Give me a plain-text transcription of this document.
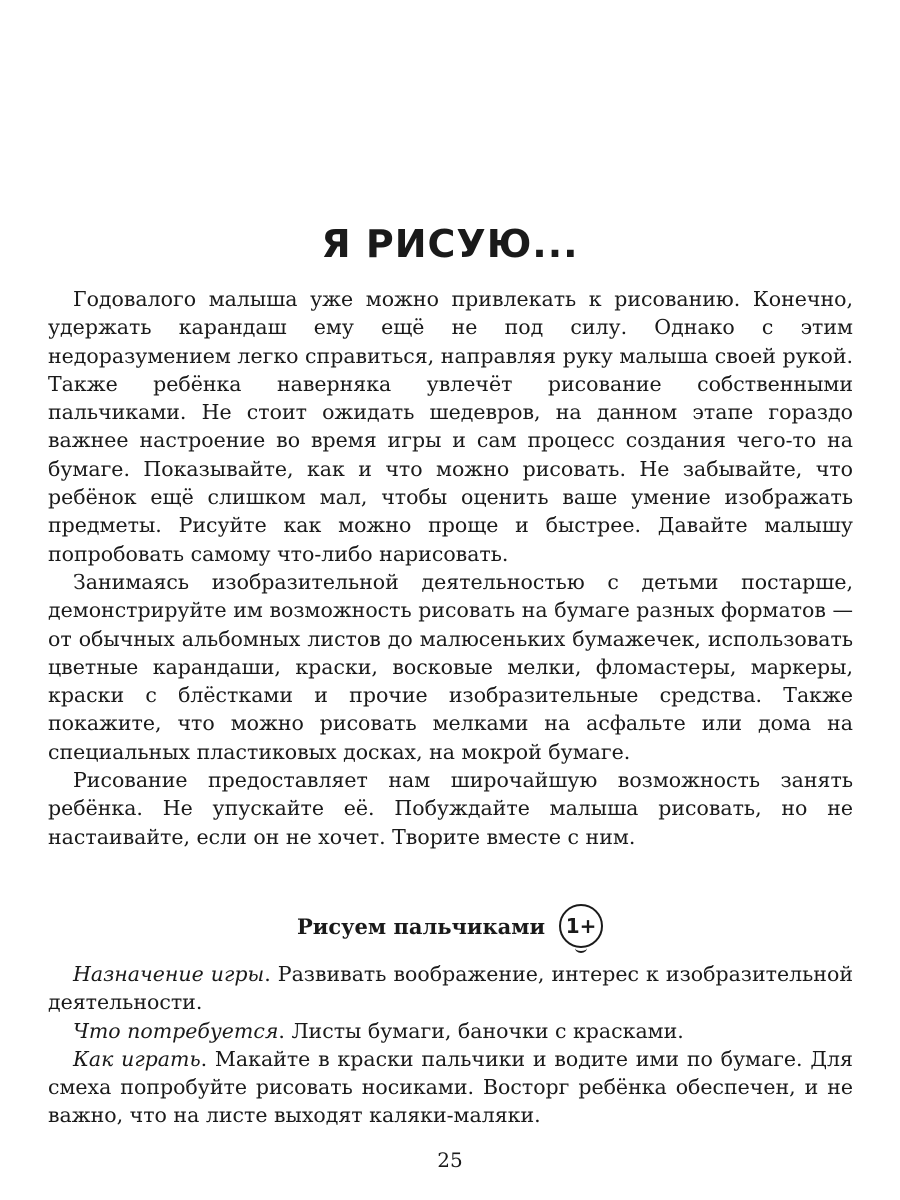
Я РИСУЮ...

Годовалого малыша уже можно привлекать к рисованию. Конечно, удержать карандаш ему ещё не под силу. Однако с этим недоразумением легко справиться, направляя руку малыша своей рукой. Также ребёнка наверняка увлечёт рисование собственными пальчиками. Не стоит ожидать шедевров, на данном этапе гораздо важнее настроение во время игры и сам процесс создания чего-то на бумаге. Показывайте, как и что можно рисовать. Не забывайте, что ребёнок ещё слишком мал, чтобы оценить ваше умение изображать предметы. Рисуйте как можно проще и быстрее. Давайте малышу попробовать самому что-либо нарисовать.

Занимаясь изобразительной деятельностью с детьми постарше, демонстрируйте им возможность рисовать на бумаге разных форматов — от обычных альбомных листов до малюсеньких бумажечек, использовать цветные карандаши, краски, восковые мелки, фломастеры, маркеры, краски с блёстками и прочие изобразительные средства. Также покажите, что можно рисовать мелками на асфальте или дома на специальных пластиковых досках, на мокрой бумаге.

Рисование предоставляет нам широчайшую возможность занять ребёнка. Не упускайте её. Побуждайте малыша рисовать, но не настаивайте, если он не хочет. Творите вместе с ним.

Рисуем пальчиками	1+

Назначение игры. Развивать воображение, интерес к изобразительной деятельности.

Что потребуется. Листы бумаги, баночки с красками.

Как играть. Макайте в краски пальчики и водите ими по бумаге. Для смеха попробуйте рисовать носиками. Восторг ребёнка обеспечен, и не важно, что на листе выходят каляки-маляки.

25
